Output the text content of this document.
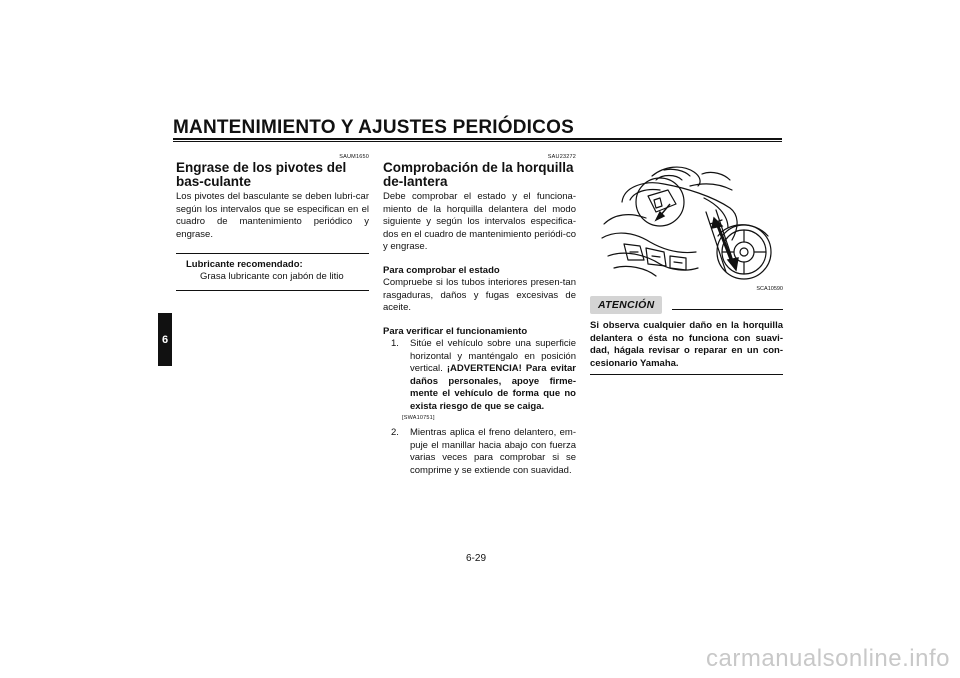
MANTENIMIENTO Y AJUSTES PERIÓDICOS
6
SAUM1650
Engrase de los pivotes del bas-culante

Los pivotes del basculante se deben lubri-car según los intervalos que se especifican en el cuadro de mantenimiento periódico y engrase.

Lubricante recomendado:
Grasa lubricante con jabón de litio
SAU23272
Comprobación de la horquilla de-lantera

Debe comprobar el estado y el funciona-miento de la horquilla delantera del modo siguiente y según los intervalos especifica-dos en el cuadro de mantenimiento periódi-co y engrase.

Para comprobar el estado

Compruebe si los tubos interiores presen-tan rasgaduras, daños y fugas excesivas de aceite.

Para verificar el funcionamiento
1.	Sitúe el vehículo sobre una superficie horizontal y manténgalo en posición vertical. ¡ADVERTENCIA! Para evitar daños personales, apoye firme-mente el vehículo de forma que no exista riesgo de que se caiga.
[SWA10751]
2.	Mientras aplica el freno delantero, em-puje el manillar hacia abajo con fuerza varias veces para comprobar si se comprime y se extiende con suavidad.
SCA10590
ATENCIÓN
Si observa cualquier daño en la horquilla delantera o ésta no funciona con suavi-dad, hágala revisar o reparar en un con-cesionario Yamaha.
6-29
carmanualsonline.info
